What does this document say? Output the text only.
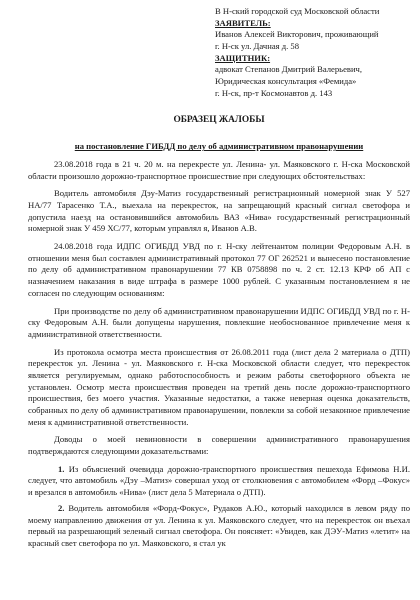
В Н-ский городской суд Московской области
ЗАЯВИТЕЛЬ:
Иванов Алексей Викторович, проживающий
г. Н-ск ул. Дачная д. 58
ЗАЩИТНИК:
адвокат Степанов Дмитрий Валерьевич,
Юридическая консультация «Фемида»
г. Н-ск, пр-т Космонавтов д. 143
ОБРАЗЕЦ ЖАЛОБЫ
на постановление ГИБДД по делу об административном правонарушении

23.08.2018 года в 21 ч. 20 м. на перекресте ул. Ленина- ул. Маяковского г. Н-ска Московской области произошло дорожно-транспортное происшествие при следующих обстоятельствах:

Водитель автомобиля Дэу-Матиз государственный регистрационный номерной знак У 527 НА/77 Тарасенко Т.А., выехала на перекресток, на запрещающий красный сигнал светофора и допустила наезд на остановившийся автомобиль ВАЗ «Нива» государственный регистрационный номерной знак У 459 ХС/77, которым управлял я, Иванов А.В.

24.08.2018 года ИДПС ОГИБДД УВД по г. Н-ску лейтенантом полиции Федоровым А.Н. в отношении меня был составлен административный протокол 77 ОГ 262521 и вынесено постановление по делу об административном правонарушении 77 КВ 0758898 по ч. 2 ст. 12.13 КРФ об АП с назначением наказания в виде штрафа в размере 1000 рублей. С указанным постановлением я не согласен по следующим основаниям:

При производстве по делу об административном правонарушении ИДПС ОГИБДД УВД по г. Н-ску Федоровым А.Н. были допущены нарушения, повлекшие необоснованное привлечение меня к административной ответственности.

Из протокола осмотра места происшествия от 26.08.2011 года (лист дела 2 материала о ДТП) перекресток ул. Ленина - ул. Маяковского г. Н-ска Московской области следует, что перекресток является регулируемым, однако работоспособность и режим работы светофорного объекта не установлен. Осмотр места происшествия проведен на третий день после дорожно-транспортного происшествия, без моего участия. Указанные недостатки, а также неверная оценка доказательств, собранных по делу об административном правонарушении, повлекли за собой незаконное привлечение меня к административной ответственности.

Доводы о моей невиновности в совершении административного правонарушения подтверждаются следующими доказательствами:

1. Из объяснений очевидца дорожно-транспортного происшествия пешехода Ефимова Н.И. следует, что автомобиль «Дэу –Матиз» совершал уход от столкновения с автомобилем «Форд –Фокус» и врезался в автомобиль «Нива» (лист дела 5 Материала о ДТП).

2. Водитель автомобиля «Форд-Фокус», Рудаков А.Ю., который находился в левом ряду по моему направлению движения от ул. Ленина к ул. Маяковского следует, что на перекресток он въехал первый на разрешающий зеленый сигнал светофора. Он поясняет: «Увидев, как ДЭУ-Матиз «летит» на красный свет светофора по ул. Маяковского, я стал ук
